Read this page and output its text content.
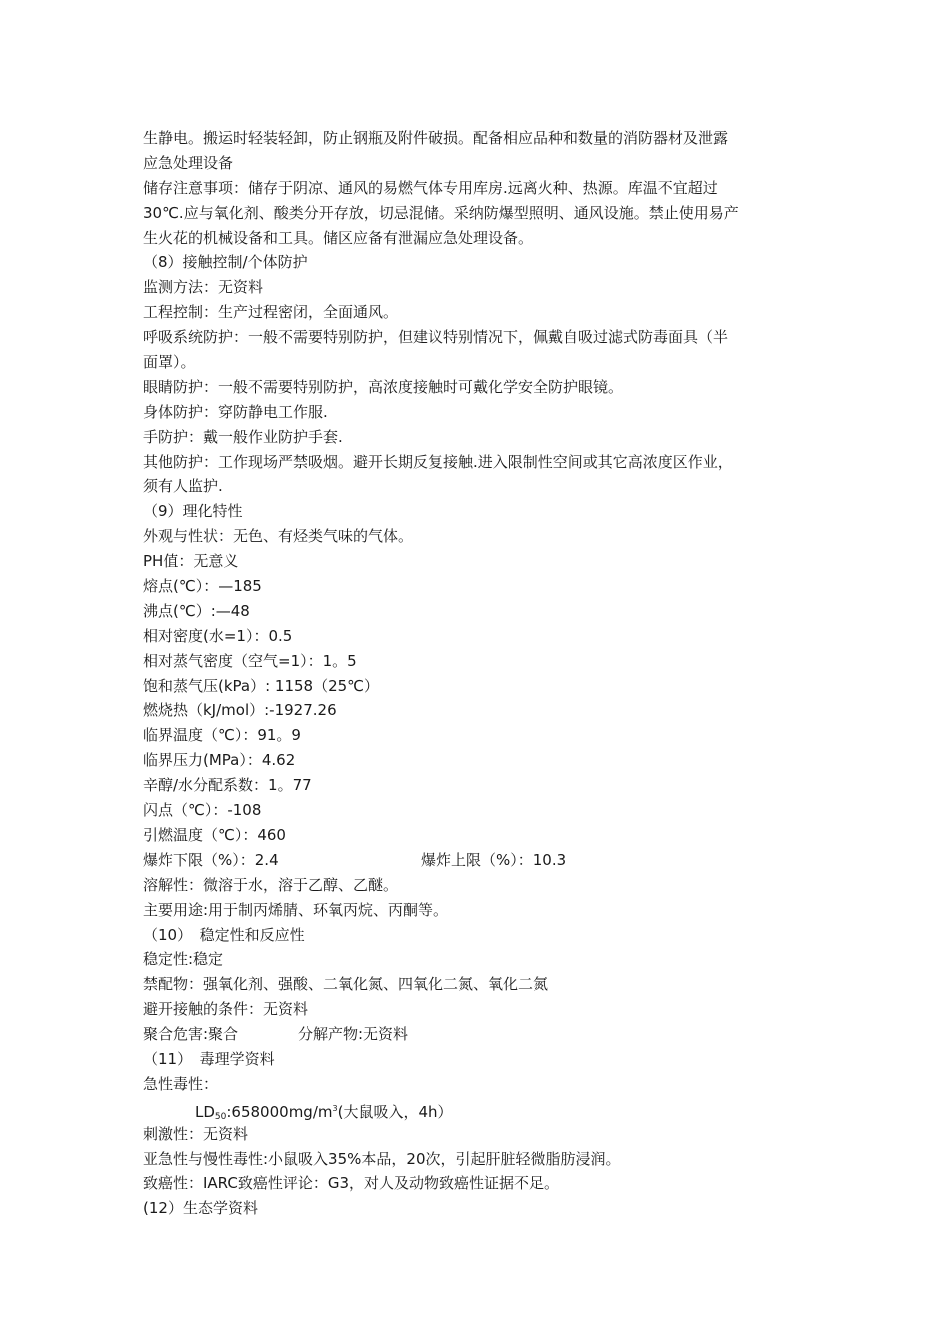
生静电。搬运时轻装轻卸，防止钢瓶及附件破损。配备相应品种和数量的消防器材及泄露
应急处理设备
储存注意事项：储存于阴凉、通风的易燃气体专用库房.远离火种、热源。库温不宜超过
30℃.应与氧化剂、酸类分开存放，切忌混储。采纳防爆型照明、通风设施。禁止使用易产
生火花的机械设备和工具。储区应备有泄漏应急处理设备。
（8）接触控制/个体防护
监测方法：无资料
工程控制：生产过程密闭，全面通风。
呼吸系统防护：一般不需要特别防护，但建议特别情况下，佩戴自吸过滤式防毒面具（半
面罩）。
眼睛防护：一般不需要特别防护，高浓度接触时可戴化学安全防护眼镜。
身体防护：穿防静电工作服.
手防护：戴一般作业防护手套.
其他防护：工作现场严禁吸烟。避开长期反复接触.进入限制性空间或其它高浓度区作业，
须有人监护.
（9）理化特性
外观与性状：无色、有烃类气味的气体。
PH值：无意义
熔点(℃）：—185
沸点(℃）:—48
相对密度(水=1）：0.5
相对蒸气密度（空气=1）：1。5
饱和蒸气压(kPa）: 1158（25℃）
燃烧热（kJ/mol）:-1927.26
临界温度（℃）：91。9
临界压力(MPa）：4.62
辛醇/水分配系数：1。77
闪点（℃）：-108
引燃温度（℃）：460
爆炸下限（%）：2.4	爆炸上限（%）：10.3
溶解性：微溶于水，溶于乙醇、乙醚。
主要用途:用于制丙烯腈、环氧丙烷、丙酮等。
（10）　稳定性和反应性
稳定性:稳定
禁配物：强氧化剂、强酸、二氧化氮、四氧化二氮、氧化二氮
避开接触的条件：无资料
聚合危害:聚合	分解产物:无资料
（11）　毒理学资料
急性毒性：
$LD_{50}:658000mg/m^3$(大鼠吸入，4h）
刺激性：无资料
亚急性与慢性毒性:小鼠吸入35%本品，20次，引起肝脏轻微脂肪浸润。
致癌性：IARC致癌性评论：G3，对人及动物致癌性证据不足。
(12）生态学资料
